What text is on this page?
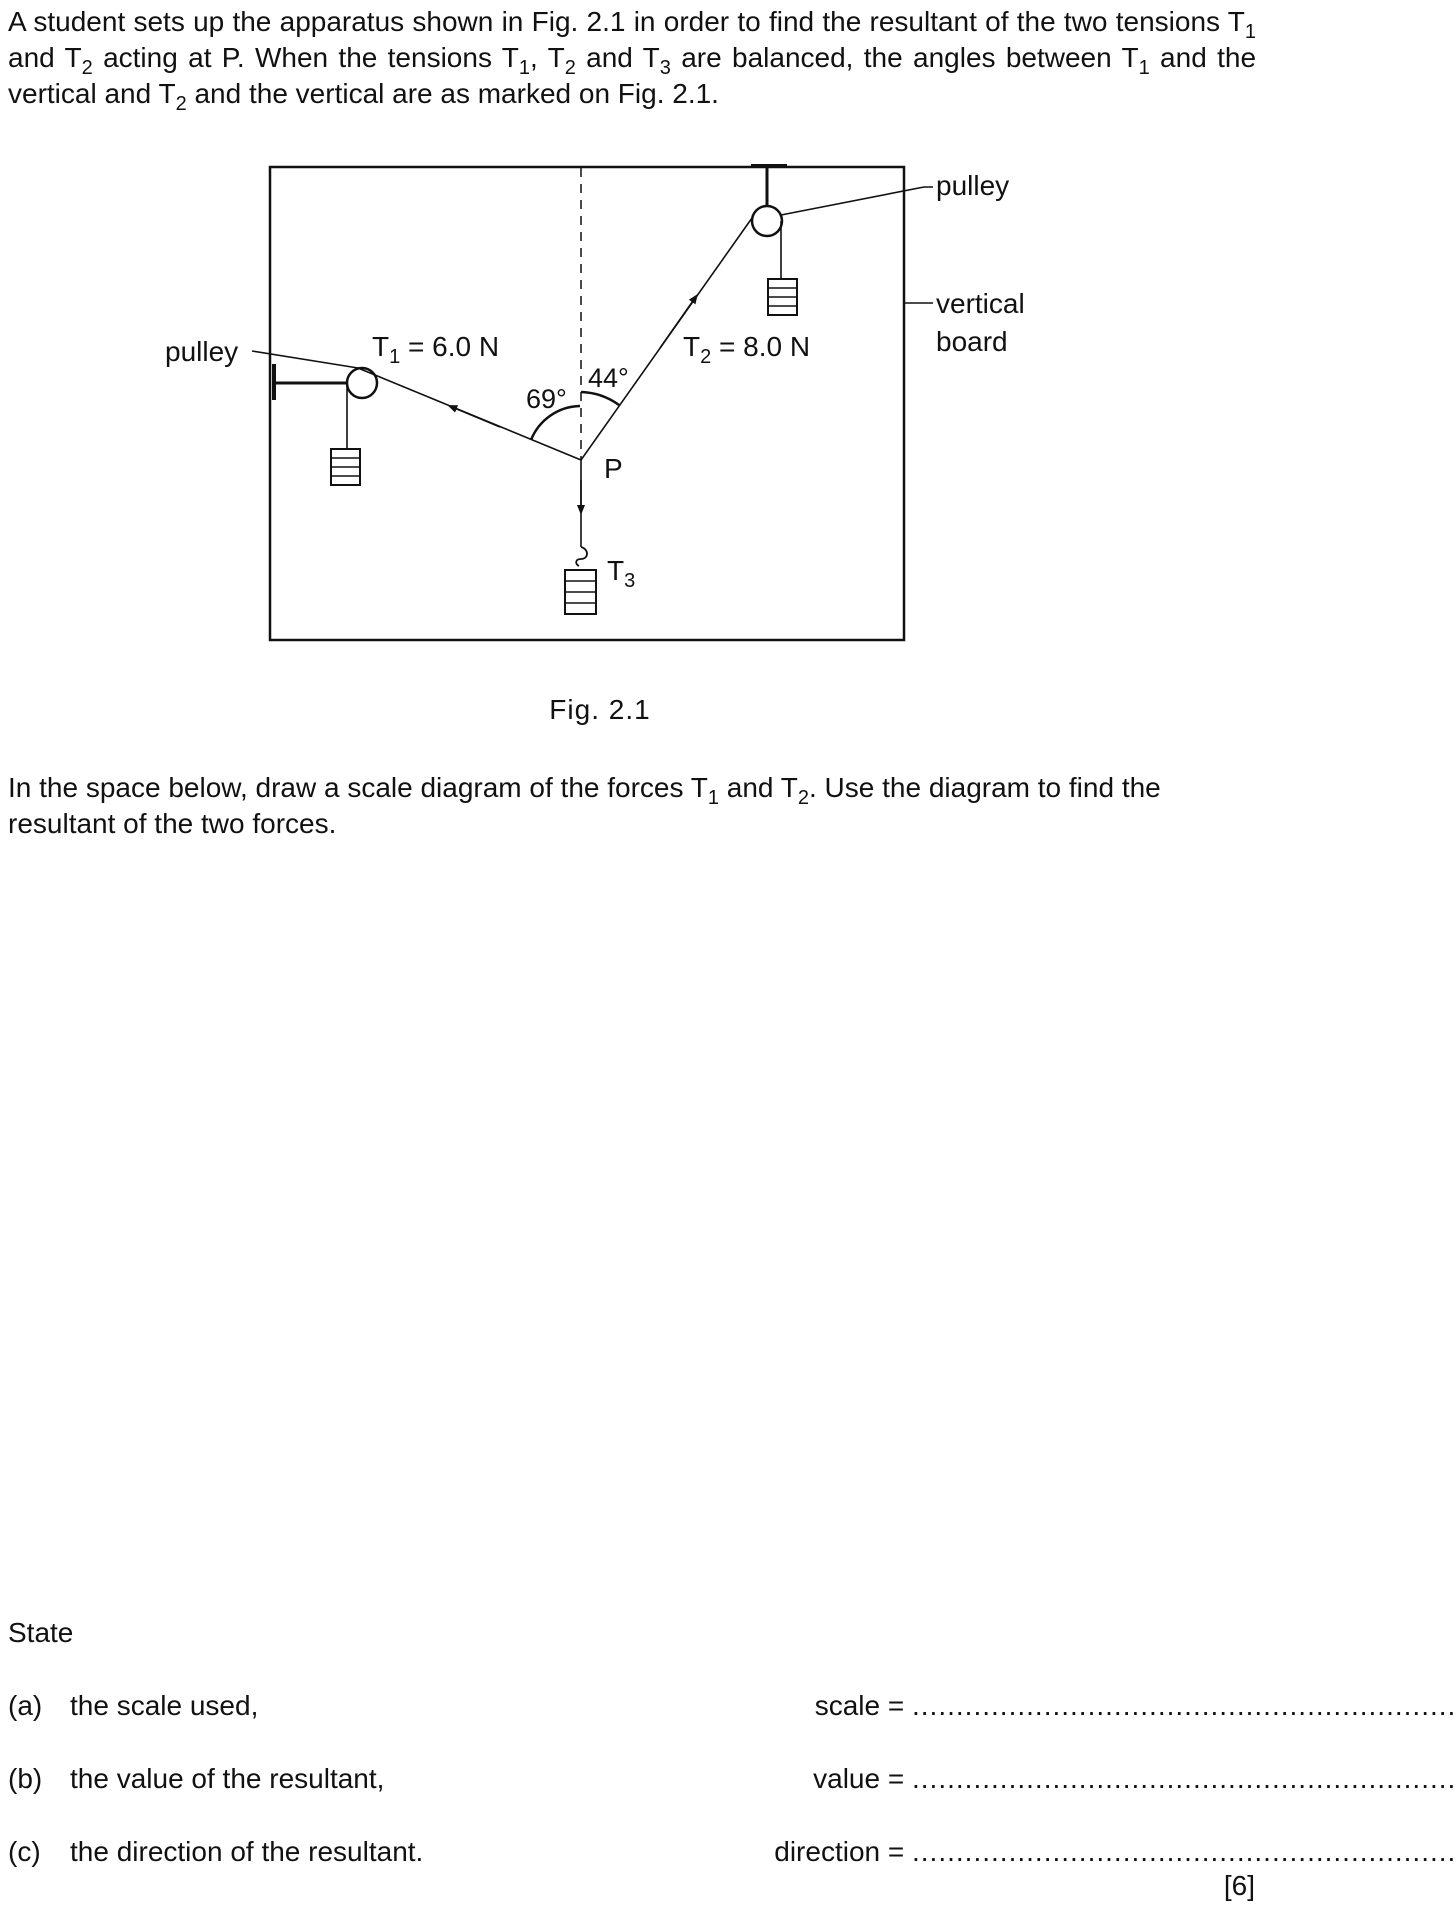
A student sets up the apparatus shown in Fig. 2.1 in order to find the resultant of the two tensions $T_1$ and $T_2$ acting at P. When the tensions $T_1$, $T_2$ and $T_3$ are balanced, the angles between $T_1$ and the vertical and $T_2$ and the vertical are as marked on Fig. 2.1.

pulley
pulley
vertical
board
$T_1 = 6.0$ N	$T_2 = 8.0$ N
$T_3$
69°
44°
P
Fig. 2.1

In the space below, draw a scale diagram of the forces $T_1$ and $T_2$. Use the diagram to find the resultant of the two forces.

State
(a) the scale used,	scale = ..............................................................
(b) the value of the resultant,	value = ..............................................................
(c) the direction of the resultant.	direction = ..............................................................
[6]
